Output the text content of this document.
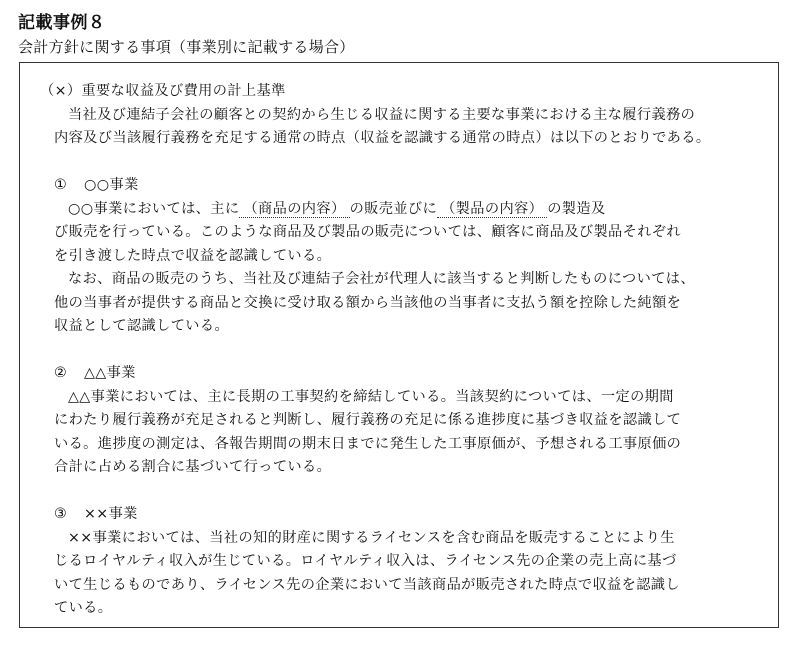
記載事例８
会計方針に関する事項（事業別に記載する場合）
（×）重要な収益及び費用の計上基準
当社及び連結子会社の顧客との契約から生じる収益に関する主要な事業における主な履行義務の
内容及び当該履行義務を充足する通常の時点（収益を認識する通常の時点）は以下のとおりである。
① ○○事業
○○事業においては、主に （商品の内容） の販売並びに （製品の内容） の製造及
び販売を行っている。このような商品及び製品の販売については、顧客に商品及び製品それぞれ
を引き渡した時点で収益を認識している。
なお、商品の販売のうち、当社及び連結子会社が代理人に該当すると判断したものについては、
他の当事者が提供する商品と交換に受け取る額から当該他の当事者に支払う額を控除した純額を
収益として認識している。
② △△事業
△△事業においては、主に長期の工事契約を締結している。当該契約については、一定の期間
にわたり履行義務が充足されると判断し、履行義務の充足に係る進捗度に基づき収益を認識して
いる。進捗度の測定は、各報告期間の期末日までに発生した工事原価が、予想される工事原価の
合計に占める割合に基づいて行っている。
③ ××事業
××事業においては、当社の知的財産に関するライセンスを含む商品を販売することにより生
じるロイヤルティ収入が生じている。ロイヤルティ収入は、ライセンス先の企業の売上高に基づ
いて生じるものであり、ライセンス先の企業において当該商品が販売された時点で収益を認識し
ている。
